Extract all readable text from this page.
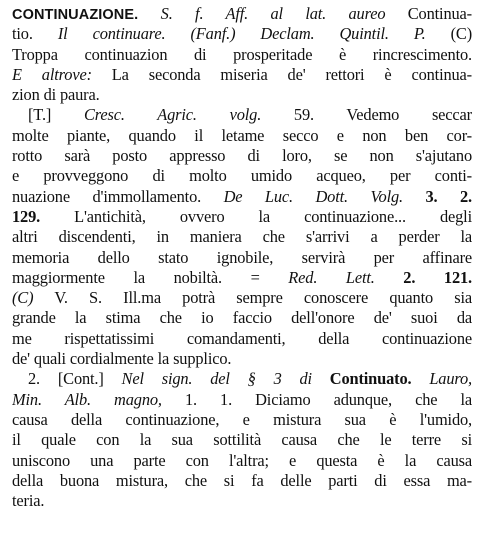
CONTINUAZIONE. S. f. Aff. al lat. aureo Continua-
tio. Il continuare. (Fanf.) Declam. Quintil. P. (C)
Troppa continuazion di prosperitade è rincrescimento.
E altrove: La seconda miseria de' rettori è continua-
zion di paura.
[T.] Cresc. Agric. volg. 59. Vedemo seccar
molte piante, quando il letame secco e non ben cor-
rotto sarà posto appresso di loro, se non s'ajutano
e provveggono di molto umido acqueo, per conti-
nuazione d'immollamento. De Luc. Dott. Volg. 3. 2.
129. L'antichità, ovvero la continuazione... degli
altri discendenti, in maniera che s'arrivi a perder la
memoria dello stato ignobile, servirà per affinare
maggiormente la nobiltà. = Red. Lett. 2. 121.
(C) V. S. Ill.ma potrà sempre conoscere quanto sia
grande la stima che io faccio dell'onore de' suoi da
me rispettatissimi comandamenti, della continuazione
de' quali cordialmente la supplico.
2. [Cont.] Nel sign. del § 3 di Continuato. Lauro,
Min. Alb. magno, 1. 1. Diciamo adunque, che la
causa della continuazione, e mistura sua è l'umido,
il quale con la sua sottilità causa che le terre si
uniscono una parte con l'altra; e questa è la causa
della buona mistura, che si fa delle parti di essa ma-
teria.
